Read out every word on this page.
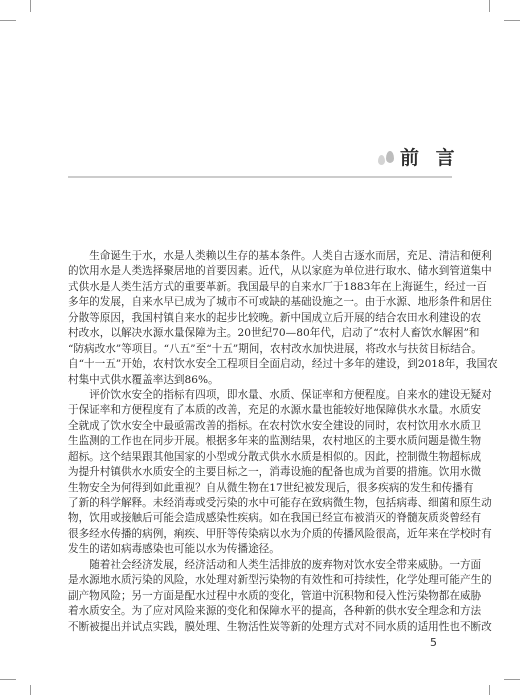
前 言
生命诞生于水，水是人类赖以生存的基本条件。人类自古逐水而居，充足、清洁和便利
的饮用水是人类选择聚居地的首要因素。近代，从以家庭为单位进行取水、储水到管道集中
式供水是人类生活方式的重要革新。我国最早的自来水厂于1883年在上海诞生，经过一百
多年的发展，自来水早已成为了城市不可或缺的基础设施之一。由于水源、地形条件和居住
分散等原因，我国村镇自来水的起步比较晚。新中国成立后开展的结合农田水利建设的农
村改水，以解决水源水量保障为主。20世纪70—80年代，启动了“农村人畜饮水解困”和
“防病改水”等项目。“八五”至“十五”期间，农村改水加快进展，将改水与扶贫目标结合。
自“十一五”开始，农村饮水安全工程项目全面启动，经过十多年的建设，到2018年，我国农
村集中式供水覆盖率达到86%。
评价饮水安全的指标有四项，即水量、水质、保证率和方便程度。自来水的建设无疑对
于保证率和方便程度有了本质的改善，充足的水源水量也能较好地保障供水水量。水质安
全就成了饮水安全中最亟需改善的指标。在农村饮水安全建设的同时，农村饮用水水质卫
生监测的工作也在同步开展。根据多年来的监测结果，农村地区的主要水质问题是微生物
超标。这个结果跟其他国家的小型或分散式供水水质是相似的。因此，控制微生物超标成
为提升村镇供水水质安全的主要目标之一，消毒设施的配备也成为首要的措施。饮用水微
生物安全为何得到如此重视？自从微生物在17世纪被发现后，很多疾病的发生和传播有
了新的科学解释。未经消毒或受污染的水中可能存在致病微生物，包括病毒、细菌和原生动
物，饮用或接触后可能会造成感染性疾病。如在我国已经宣布被消灭的脊髓灰质炎曾经有
很多经水传播的病例，痢疾、甲肝等传染病以水为介质的传播风险很高，近年来在学校时有
发生的诺如病毒感染也可能以水为传播途径。
随着社会经济发展，经济活动和人类生活排放的废弃物对饮水安全带来威胁。一方面
是水源地水质污染的风险，水处理对新型污染物的有效性和可持续性，化学处理可能产生的
副产物风险；另一方面是配水过程中水质的变化，管道中沉积物和侵入性污染物都在威胁
着水质安全。为了应对风险来源的变化和保障水平的提高，各种新的供水安全理念和方法
不断被提出并试点实践，膜处理、生物活性炭等新的处理方式对不同水质的适用性也不断改
5
